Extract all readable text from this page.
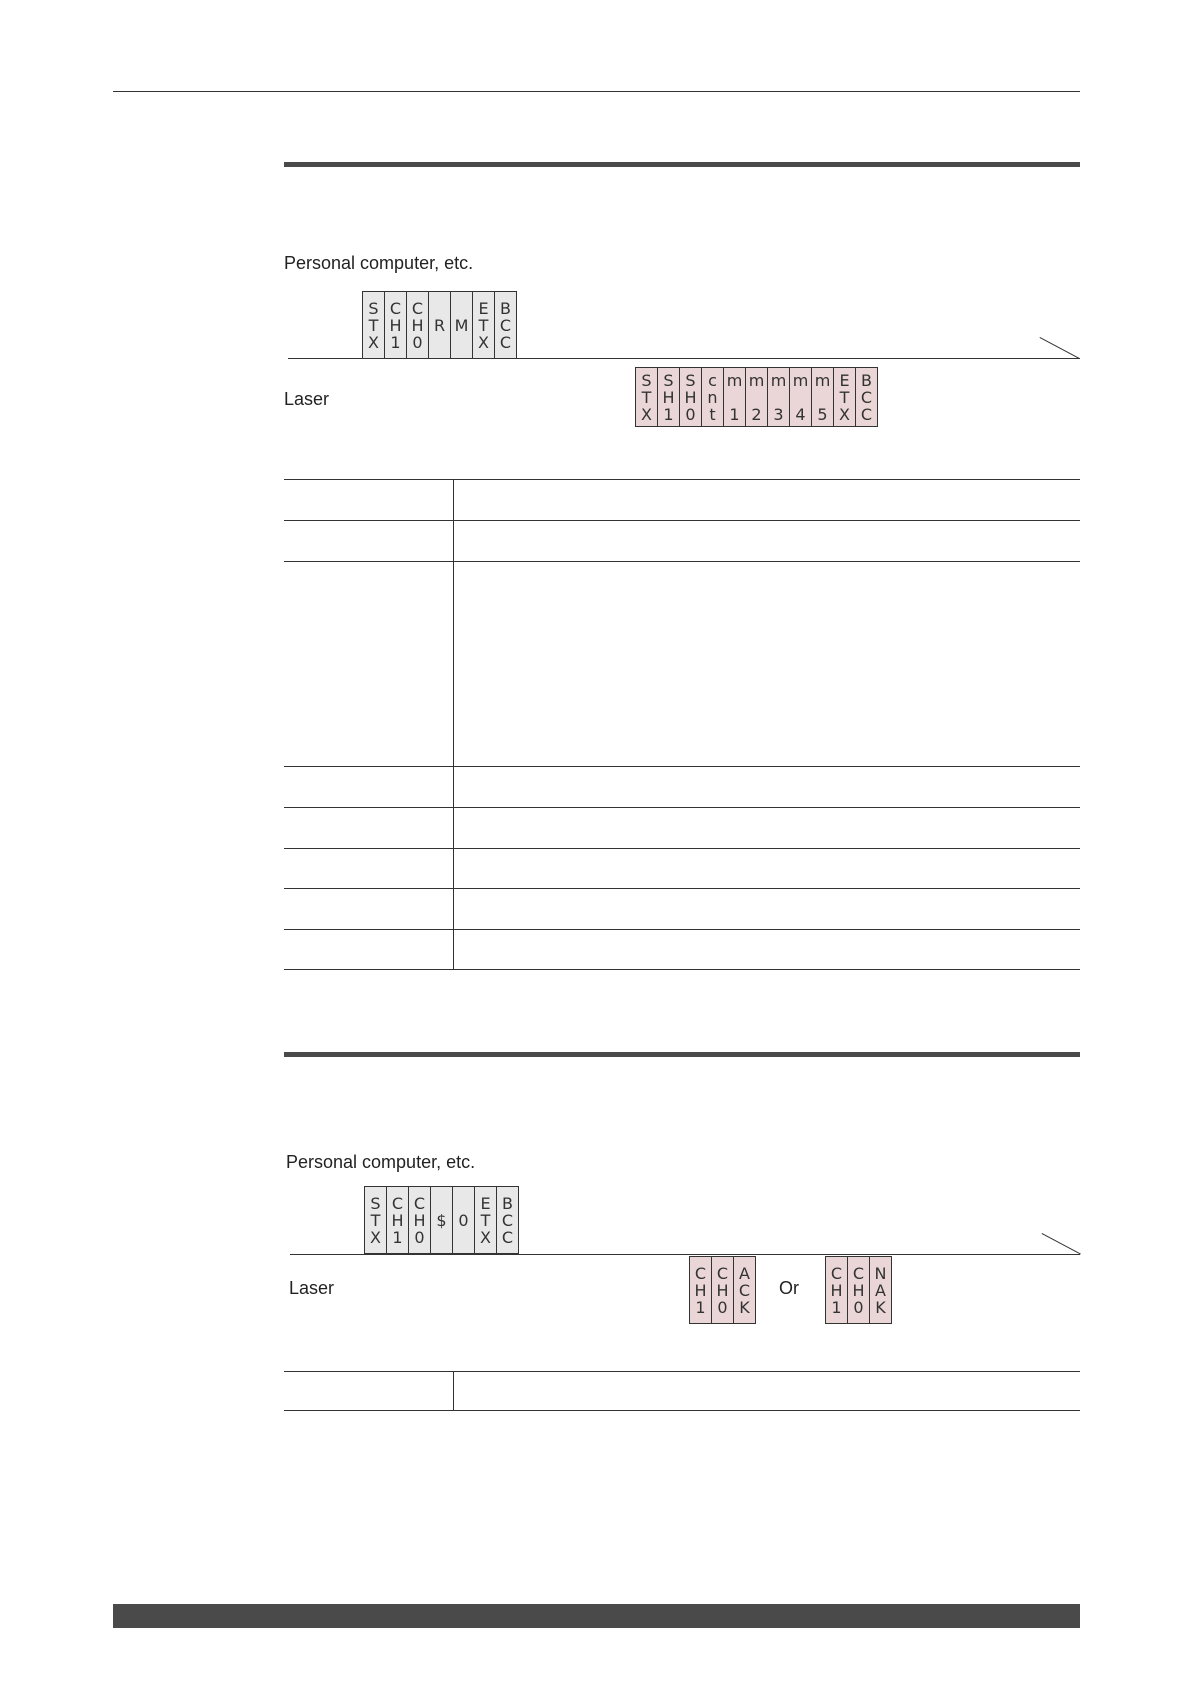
Personal computer, etc.
S
T
X
C
H
1
C
H
0
R M
E
T
X
B
C
C
Laser
S
T
X
S
H
1
S
H
0
c
n
t
m

1
m

2
m

3
m

4
m

5
E
T
X
B
C
C
Personal computer, etc.
S
T
X
C
H
1
C
H
0
$ 0
E
T
X
B
C
C
Laser
C
H
1
C
H
0
A
C
K
Or
C
H
1
C
H
0
N
A
K
